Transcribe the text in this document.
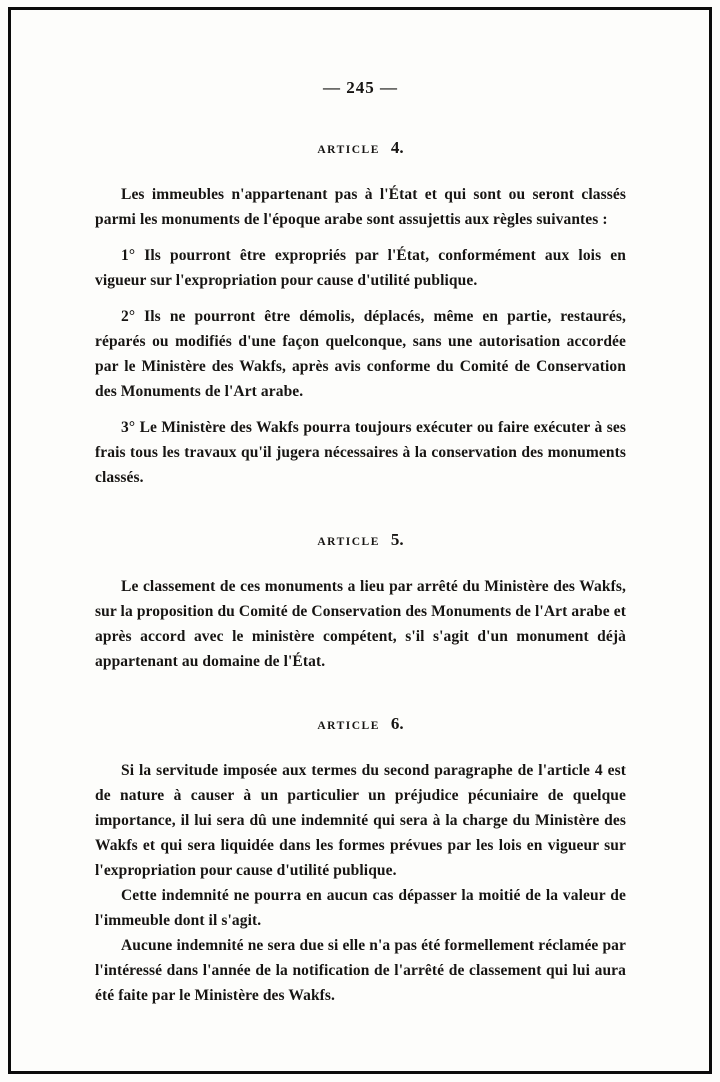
— 245 —
ARTICLE 4.

Les immeubles n'appartenant pas à l'État et qui sont ou seront classés parmi les monuments de l'époque arabe sont assujettis aux règles suivantes :

1° Ils pourront être expropriés par l'État, conformément aux lois en vigueur sur l'expropriation pour cause d'utilité publique.

2° Ils ne pourront être démolis, déplacés, même en partie, restaurés, réparés ou modifiés d'une façon quelconque, sans une autorisation accordée par le Ministère des Wakfs, après avis conforme du Comité de Conservation des Monuments de l'Art arabe.

3° Le Ministère des Wakfs pourra toujours exécuter ou faire exécuter à ses frais tous les travaux qu'il jugera nécessaires à la conservation des monuments classés.

ARTICLE 5.

Le classement de ces monuments a lieu par arrêté du Ministère des Wakfs, sur la proposition du Comité de Conservation des Monuments de l'Art arabe et après accord avec le ministère compétent, s'il s'agit d'un monument déjà appartenant au domaine de l'État.

ARTICLE 6.

Si la servitude imposée aux termes du second paragraphe de l'article 4 est de nature à causer à un particulier un préjudice pécuniaire de quelque importance, il lui sera dû une indemnité qui sera à la charge du Ministère des Wakfs et qui sera liquidée dans les formes prévues par les lois en vigueur sur l'expropriation pour cause d'utilité publique.

Cette indemnité ne pourra en aucun cas dépasser la moitié de la valeur de l'immeuble dont il s'agit.

Aucune indemnité ne sera due si elle n'a pas été formellement réclamée par l'intéressé dans l'année de la notification de l'arrêté de classement qui lui aura été faite par le Ministère des Wakfs.
